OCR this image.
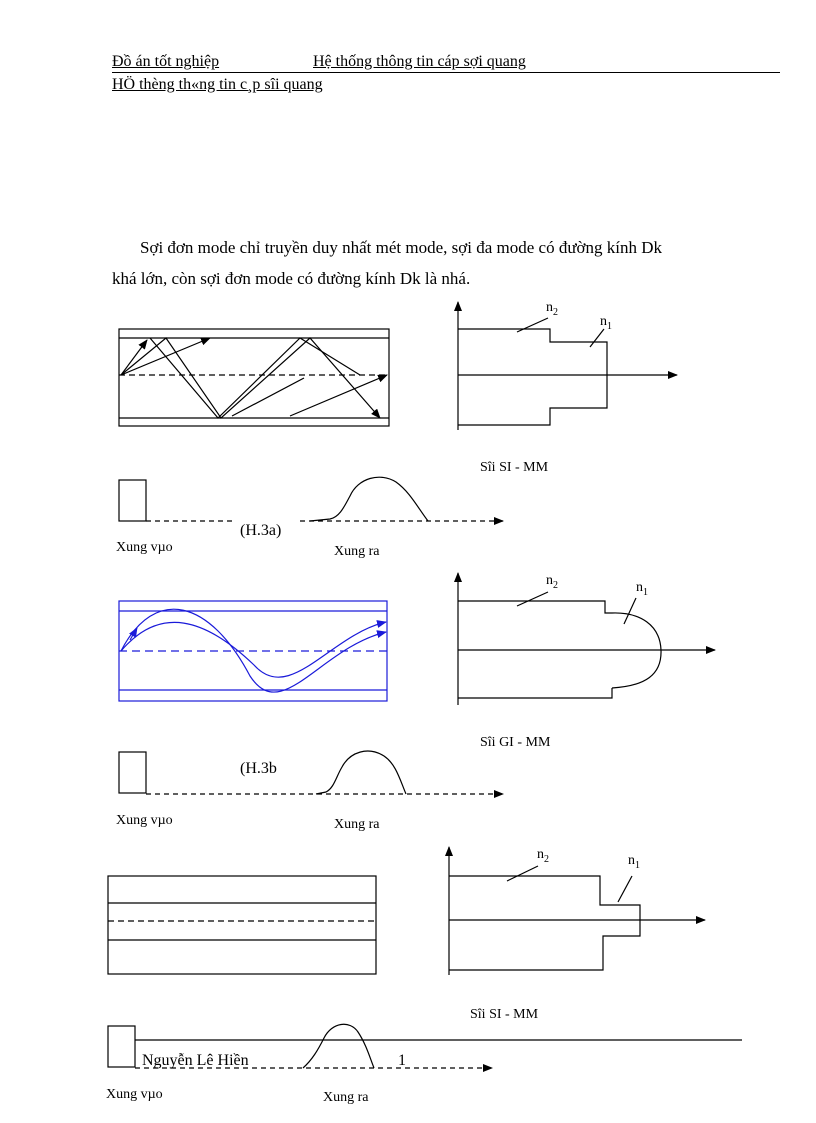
Đồ án tốt nghiệp	Hệ thống thông tin cáp sợi quang
HÖ thèng th«ng tin c¸p sîi quang

Sợi đơn mode chỉ truyền duy nhất mét mode, sợi đa mode có đường kính Dk

khá lớn, còn sợi đơn mode có đường kính Dk là nhá.

$n_2$
$n_1$
Sîi SI - MM
(H.3a)
Xung vµo	Xung ra
$n_2$	$n_1$
Sîi GI - MM
(H.3b
Xung vµo	Xung ra
$n_2$	$n_1$
Sîi SI - MM
Xung vµo	Xung ra
Nguyễn Lê Hiền	1
